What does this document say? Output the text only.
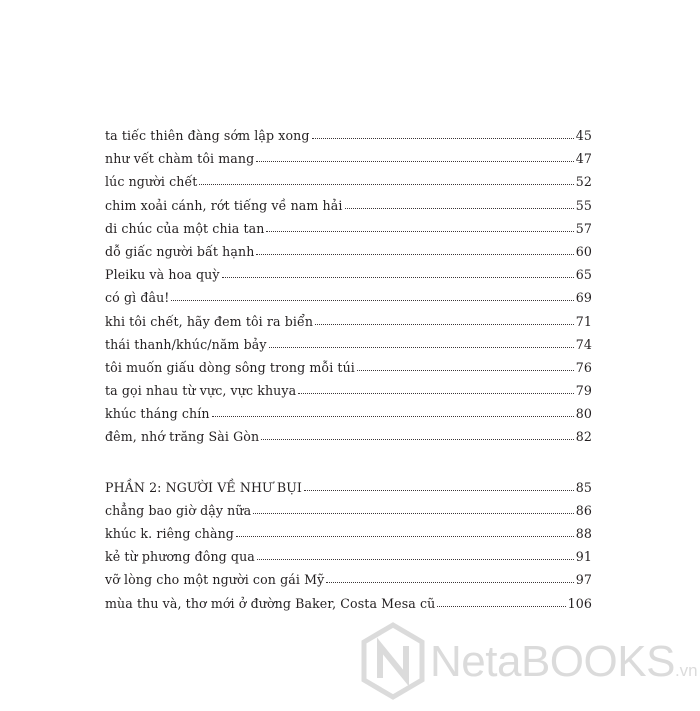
ta tiếc thiên đàng sớm lập xong	45
như vết chàm tôi mang	47
lúc người chết	52
chim xoải cánh, rớt tiếng về nam hải	55
di chúc của một chia tan	57
dỗ giấc người bất hạnh	60
Pleiku và hoa quỳ	65
có gì đâu!	69
khi tôi chết, hãy đem tôi ra biển	71
thái thanh/khúc/năm bảy	74
tôi muốn giấu dòng sông trong mỗi túi	76
ta gọi nhau từ vực, vực khuya	79
khúc tháng chín	80
đêm, nhớ trăng Sài Gòn	82
PHẦN 2: NGƯỜI VỀ NHƯ BỤI	85
chẳng bao giờ dậy nữa	86
khúc k. riêng chàng	88
kẻ từ phương đông qua	91
vỡ lòng cho một người con gái Mỹ	97
mùa thu và, thơ mới ở đường Baker, Costa Mesa cũ	106
NetaBOOKS.vn
